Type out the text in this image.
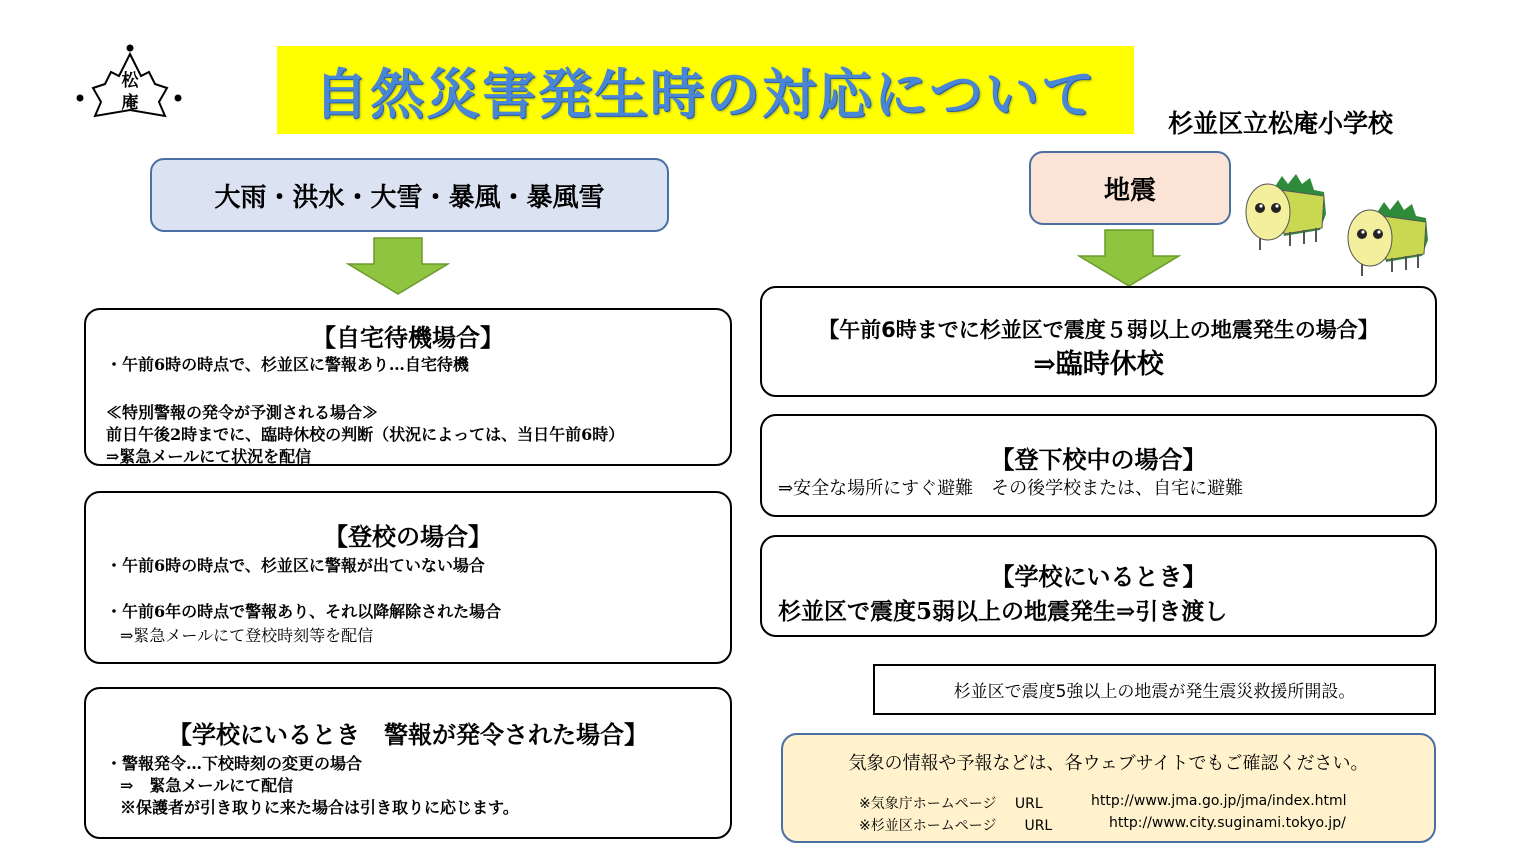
松
庵	自然災害発生時の対応について	杉並区立松庵小学校
大雨・洪水・大雪・暴風・暴風雪	地震
【自宅待機場合】
・午前6時の時点で、杉並区に警報あり…自宅待機
≪特別警報の発令が予測される場合≫
前日午後2時までに、臨時休校の判断（状況によっては、当日午前6時）
⇒緊急メールにて状況を配信
【登校の場合】
・午前6時の時点で、杉並区に警報が出ていない場合
・午前6年の時点で警報あり、それ以降解除された場合
⇒緊急メールにて登校時刻等を配信
【学校にいるとき　警報が発令された場合】
・警報発令…下校時刻の変更の場合
⇒　緊急メールにて配信
※保護者が引き取りに来た場合は引き取りに応じます。
【午前6時までに杉並区で震度５弱以上の地震発生の場合】
⇒臨時休校
【登下校中の場合】
⇒安全な場所にすぐ避難　その後学校または、自宅に避難
【学校にいるとき】
杉並区で震度5弱以上の地震発生⇒引き渡し
杉並区で震度5強以上の地震が発生震災救援所開設。
気象の情報や予報などは、各ウェブサイトでもご確認ください。
※気象庁ホームページ　 URL	http://www.jma.go.jp/jma/index.html
※杉並区ホームページ　　URL	http://www.city.suginami.tokyo.jp/
